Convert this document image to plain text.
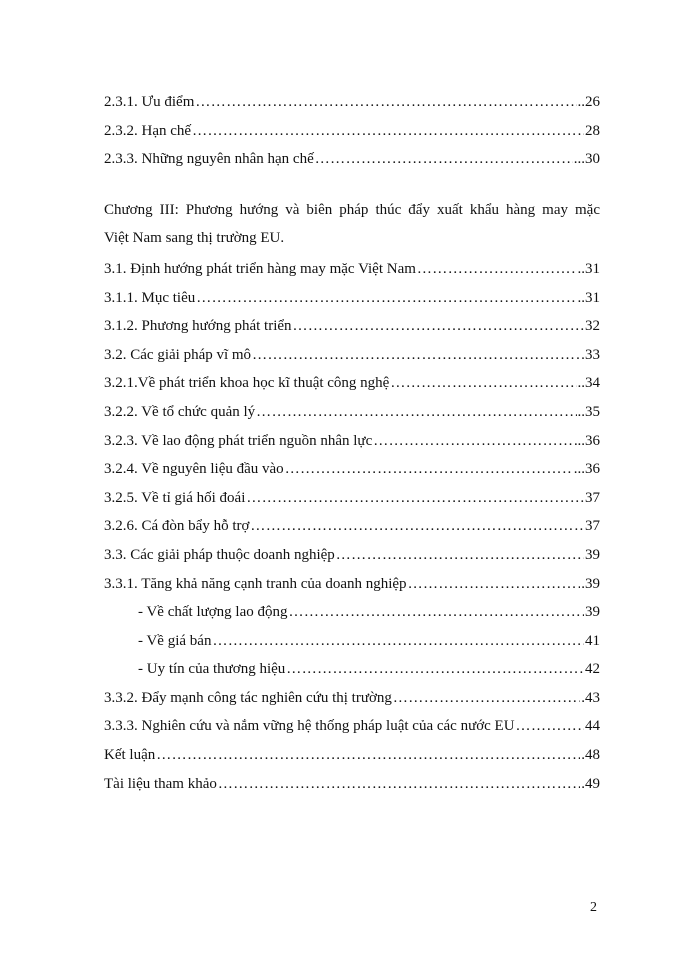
2.3.1. Ưu điểm ……………………………………………………………………………………………………………………………………	..26
2.3.2. Hạn chế ……………………………………………………………………………………………………………………………………	28
2.3.3. Những nguyên nhân hạn chế ……………………………………………………………………………………………………………………………………	...30
Chương III: Phương hướng và biên pháp thúc đẩy xuất khẩu hàng may mặc
Việt Nam sang thị trường EU.
3.1. Định hướng phát triển hàng may mặc Việt Nam ……………………………………………………………………………………………………………………………………	..31
3.1.1. Mục tiêu ……………………………………………………………………………………………………………………………………	..31
3.1.2. Phương hướng phát triển ……………………………………………………………………………………………………………………………………	32
3.2. Các giải pháp vĩ mô ……………………………………………………………………………………………………………………………………	33
3.2.1.Về phát triển khoa học kĩ thuật công nghệ ……………………………………………………………………………………………………………………………………	..34
3.2.2. Về tổ chức quản lý ……………………………………………………………………………………………………………………………………	..35
3.2.3. Về lao động phát triển nguồn nhân lực ……………………………………………………………………………………………………………………………………	..36
3.2.4. Về nguyên liệu đầu vào ……………………………………………………………………………………………………………………………………	...36
3.2.5. Về tỉ giá hối đoái ……………………………………………………………………………………………………………………………………	37
3.2.6. Cá đòn bẩy hỗ trợ ……………………………………………………………………………………………………………………………………	37
3.3. Các giải pháp thuộc doanh nghiệp ……………………………………………………………………………………………………………………………………	39
3.3.1. Tăng khả năng cạnh tranh của doanh nghiệp ……………………………………………………………………………………………………………………………………	.39
- Về chất lượng lao động ……………………………………………………………………………………………………………………………………	39
- Về giá bán ……………………………………………………………………………………………………………………………………	41
- Uy tín của thương hiệu ……………………………………………………………………………………………………………………………………	42
3.3.2. Đẩy mạnh công tác nghiên cứu thị trường ……………………………………………………………………………………………………………………………………	.43
3.3.3. Nghiên cứu và nắm vững hệ thống pháp luật của các nước EU ……………………………………………………………………………………………………………………………………	44
Kết luận ……………………………………………………………………………………………………………………………………	.48
Tài liệu tham khảo ……………………………………………………………………………………………………………………………………	.49
2
